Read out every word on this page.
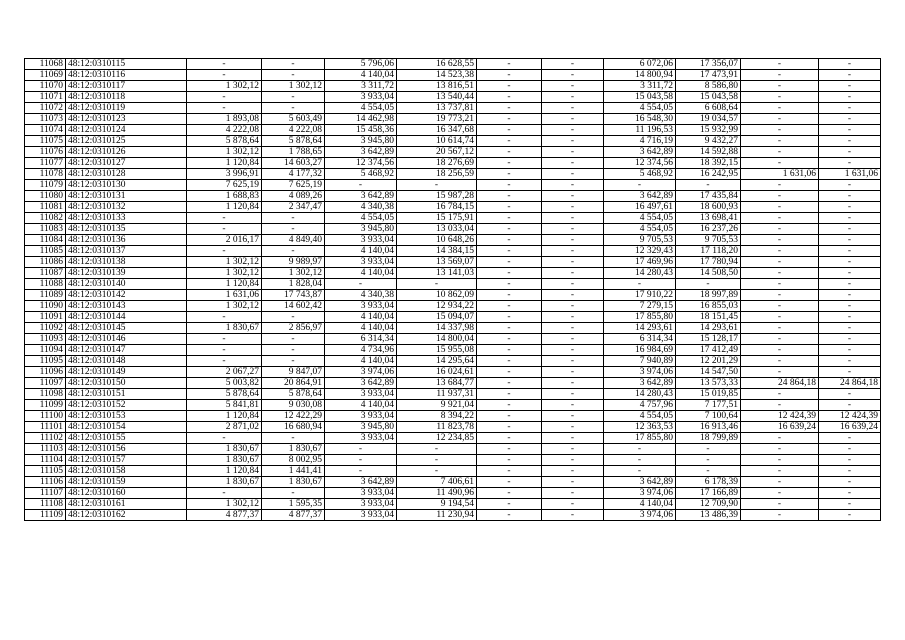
11068	48:12:0310115	-	-	5 796,06	16 628,55	-	-	6 072,06	17 356,07	-	-
11069	48:12:0310116	-	-	4 140,04	14 523,38	-	-	14 800,94	17 473,91	-	-
11070	48:12:0310117	1 302,12	1 302,12	3 311,72	13 816,51	-	-	3 311,72	8 586,80	-	-
11071	48:12:0310118	-	-	3 933,04	13 540,44	-	-	15 043,58	15 043,58	-	-
11072	48:12:0310119	-	-	4 554,05	13 737,81	-	-	4 554,05	6 608,64	-	-
11073	48:12:0310123	1 893,08	5 603,49	14 462,98	19 773,21	-	-	16 548,30	19 034,57	-	-
11074	48:12:0310124	4 222,08	4 222,08	15 458,36	16 347,68	-	-	11 196,53	15 932,99	-	-
11075	48:12:0310125	5 878,64	5 878,64	3 945,80	10 614,74	-	-	4 716,19	9 432,27	-	-
11076	48:12:0310126	1 302,12	1 788,65	3 642,89	20 567,12	-	-	3 642,89	14 592,88	-	-
11077	48:12:0310127	1 120,84	14 603,27	12 374,56	18 276,69	-	-	12 374,56	18 392,15	-	-
11078	48:12:0310128	3 996,91	4 177,32	5 468,92	18 256,59	-	-	5 468,92	16 242,95	1 631,06	1 631,06
11079	48:12:0310130	7 625,19	7 625,19	-	-	-	-	-	-	-	-
11080	48:12:0310131	1 688,83	4 089,26	3 642,89	15 987,28	-	-	3 642,89	17 435,84	-	-
11081	48:12:0310132	1 120,84	2 347,47	4 340,38	16 784,15	-	-	16 497,61	18 600,93	-	-
11082	48:12:0310133	-	-	4 554,05	15 175,91	-	-	4 554,05	13 698,41	-	-
11083	48:12:0310135	-	-	3 945,80	13 033,04	-	-	4 554,05	16 237,26	-	-
11084	48:12:0310136	2 016,17	4 849,40	3 933,04	10 648,26	-	-	9 705,53	9 705,53	-	-
11085	48:12:0310137	-	-	4 140,04	14 384,15	-	-	12 329,43	17 118,20	-	-
11086	48:12:0310138	1 302,12	9 989,97	3 933,04	13 569,07	-	-	17 469,96	17 780,94	-	-
11087	48:12:0310139	1 302,12	1 302,12	4 140,04	13 141,03	-	-	14 280,43	14 508,50	-	-
11088	48:12:0310140	1 120,84	1 828,04	-	-	-	-	-	-	-	-
11089	48:12:0310142	1 631,06	17 743,87	4 340,38	10 862,09	-	-	17 910,22	18 997,89	-	-
11090	48:12:0310143	1 302,12	14 602,42	3 933,04	12 934,22	-	-	7 279,15	16 855,03	-	-
11091	48:12:0310144	-	-	4 140,04	15 094,07	-	-	17 855,80	18 151,45	-	-
11092	48:12:0310145	1 830,67	2 856,97	4 140,04	14 337,98	-	-	14 293,61	14 293,61	-	-
11093	48:12:0310146	-	-	6 314,34	14 800,04	-	-	6 314,34	15 128,17	-	-
11094	48:12:0310147	-	-	4 734,96	15 955,08	-	-	16 984,69	17 412,49	-	-
11095	48:12:0310148	-	-	4 140,04	14 295,64	-	-	7 940,89	12 201,29	-	-
11096	48:12:0310149	2 067,27	9 847,07	3 974,06	16 024,61	-	-	3 974,06	14 547,50	-	-
11097	48:12:0310150	5 003,82	20 864,91	3 642,89	13 684,77	-	-	3 642,89	13 573,33	24 864,18	24 864,18
11098	48:12:0310151	5 878,64	5 878,64	3 933,04	11 937,31	-	-	14 280,43	15 019,85	-	-
11099	48:12:0310152	5 841,81	9 030,08	4 140,04	9 921,04	-	-	4 757,96	7 177,51	-	-
11100	48:12:0310153	1 120,84	12 422,29	3 933,04	8 394,22	-	-	4 554,05	7 100,64	12 424,39	12 424,39
11101	48:12:0310154	2 871,02	16 680,94	3 945,80	11 823,78	-	-	12 363,53	16 913,46	16 639,24	16 639,24
11102	48:12:0310155	-	-	3 933,04	12 234,85	-	-	17 855,80	18 799,89	-	-
11103	48:12:0310156	1 830,67	1 830,67	-	-	-	-	-	-	-	-
11104	48:12:0310157	1 830,67	8 002,95	-	-	-	-	-	-	-	-
11105	48:12:0310158	1 120,84	1 441,41	-	-	-	-	-	-	-	-
11106	48:12:0310159	1 830,67	1 830,67	3 642,89	7 406,61	-	-	3 642,89	6 178,39	-	-
11107	48:12:0310160	-	-	3 933,04	11 490,96	-	-	3 974,06	17 166,89	-	-
11108	48:12:0310161	1 302,12	1 595,35	3 933,04	9 194,54	-	-	4 140,04	12 709,90	-	-
11109	48:12:0310162	4 877,37	4 877,37	3 933,04	11 230,94	-	-	3 974,06	13 486,39	-	-
